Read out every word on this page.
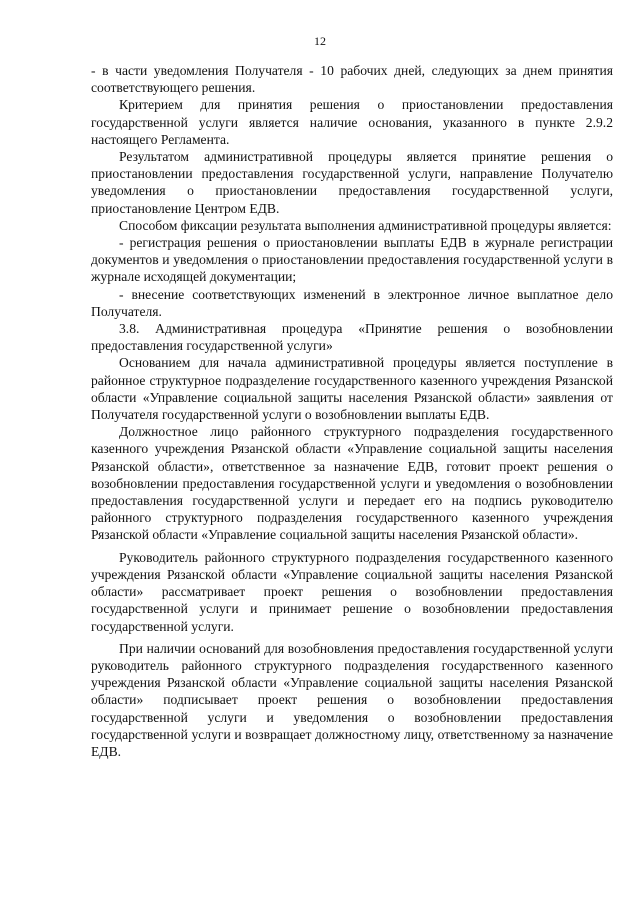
12

- в части уведомления Получателя - 10 рабочих дней, следующих за днем принятия соответствующего решения.

Критерием для принятия решения о приостановлении предоставления государственной услуги является наличие основания, указанного в пункте 2.9.2 настоящего Регламента.

Результатом административной процедуры является принятие решения о приостановлении предоставления государственной услуги, направление Получателю уведомления о приостановлении предоставления государственной услуги, приостановление Центром ЕДВ.

Способом фиксации результата выполнения административной процедуры является:

- регистрация решения о приостановлении выплаты ЕДВ в журнале регистрации документов и уведомления о приостановлении предоставления государственной услуги в журнале исходящей документации;

- внесение соответствующих изменений в электронное личное выплатное дело Получателя.

3.8. Административная процедура «Принятие решения о возобновлении предоставления государственной услуги»

Основанием для начала административной процедуры является поступление в районное структурное подразделение государственного казенного учреждения Рязанской области «Управление социальной защиты населения Рязанской области» заявления от Получателя государственной услуги о возобновлении выплаты ЕДВ.

Должностное лицо районного структурного подразделения государственного казенного учреждения Рязанской области «Управление социальной защиты населения Рязанской области», ответственное за назначение ЕДВ, готовит проект решения о возобновлении предоставления государственной услуги и уведомления о возобновлении предоставления государственной услуги и передает его на подпись руководителю районного структурного подразделения государственного казенного учреждения Рязанской области «Управление социальной защиты населения Рязанской области».

Руководитель районного структурного подразделения государственного казенного учреждения Рязанской области «Управление социальной защиты населения Рязанской области» рассматривает проект решения о возобновлении предоставления государственной услуги и принимает решение о возобновлении предоставления государственной услуги.

При наличии оснований для возобновления предоставления государственной услуги руководитель районного структурного подразделения государственного казенного учреждения Рязанской области «Управление социальной защиты населения Рязанской области» подписывает проект решения о возобновлении предоставления государственной услуги и уведомления о возобновлении предоставления государственной услуги и возвращает должностному лицу, ответственному за назначение ЕДВ.
